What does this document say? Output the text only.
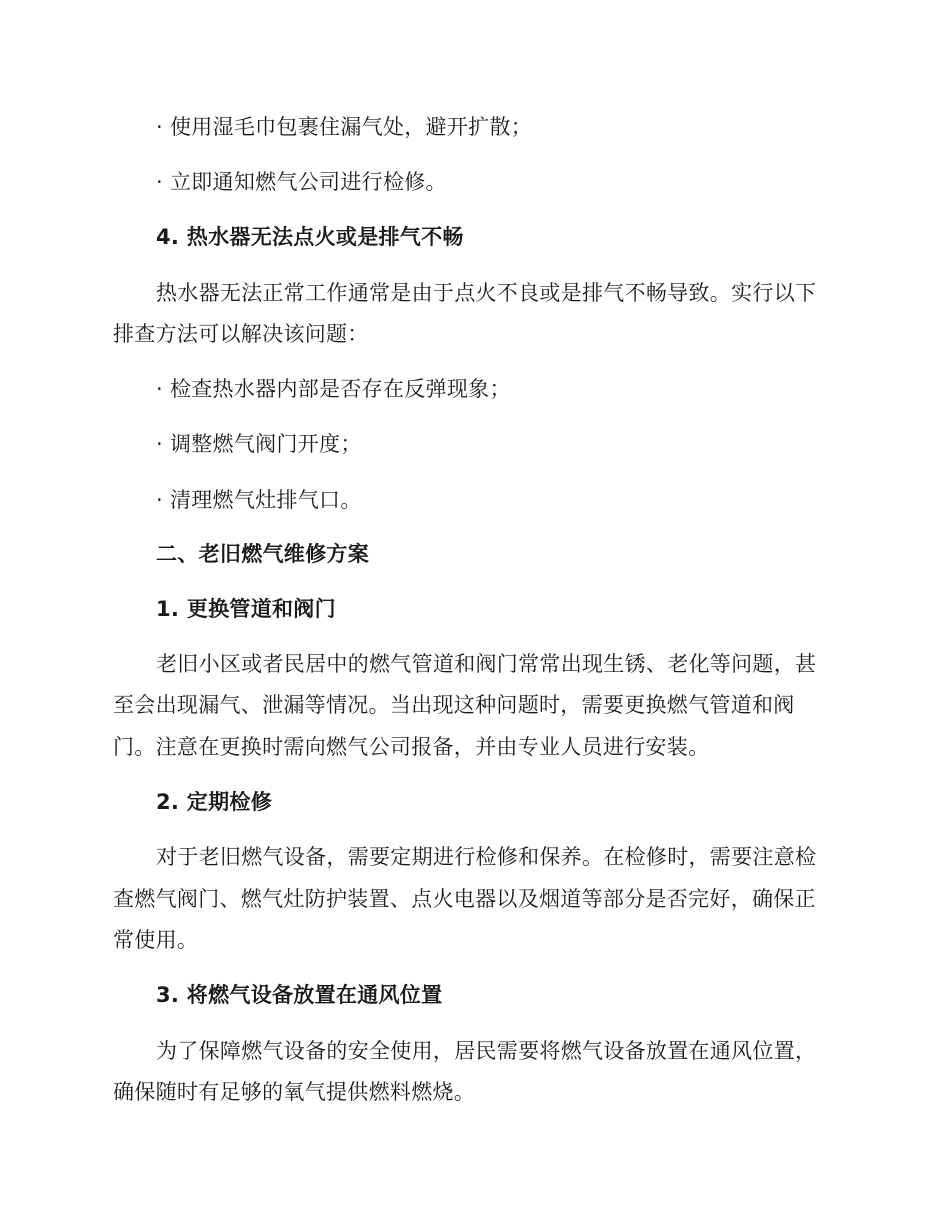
· 使用湿毛巾包裹住漏气处，避开扩散；
· 立即通知燃气公司进行检修。
4. 热水器无法点火或是排气不畅
热水器无法正常工作通常是由于点火不良或是排气不畅导致。实行以下
排查方法可以解决该问题：
· 检查热水器内部是否存在反弹现象；
· 调整燃气阀门开度；
· 清理燃气灶排气口。
二、老旧燃气维修方案
1. 更换管道和阀门
老旧小区或者民居中的燃气管道和阀门常常出现生锈、老化等问题，甚
至会出现漏气、泄漏等情况。当出现这种问题时，需要更换燃气管道和阀
门。注意在更换时需向燃气公司报备，并由专业人员进行安装。
2. 定期检修
对于老旧燃气设备，需要定期进行检修和保养。在检修时，需要注意检
查燃气阀门、燃气灶防护装置、点火电器以及烟道等部分是否完好，确保正
常使用。
3. 将燃气设备放置在通风位置
为了保障燃气设备的安全使用，居民需要将燃气设备放置在通风位置，
确保随时有足够的氧气提供燃料燃烧。
